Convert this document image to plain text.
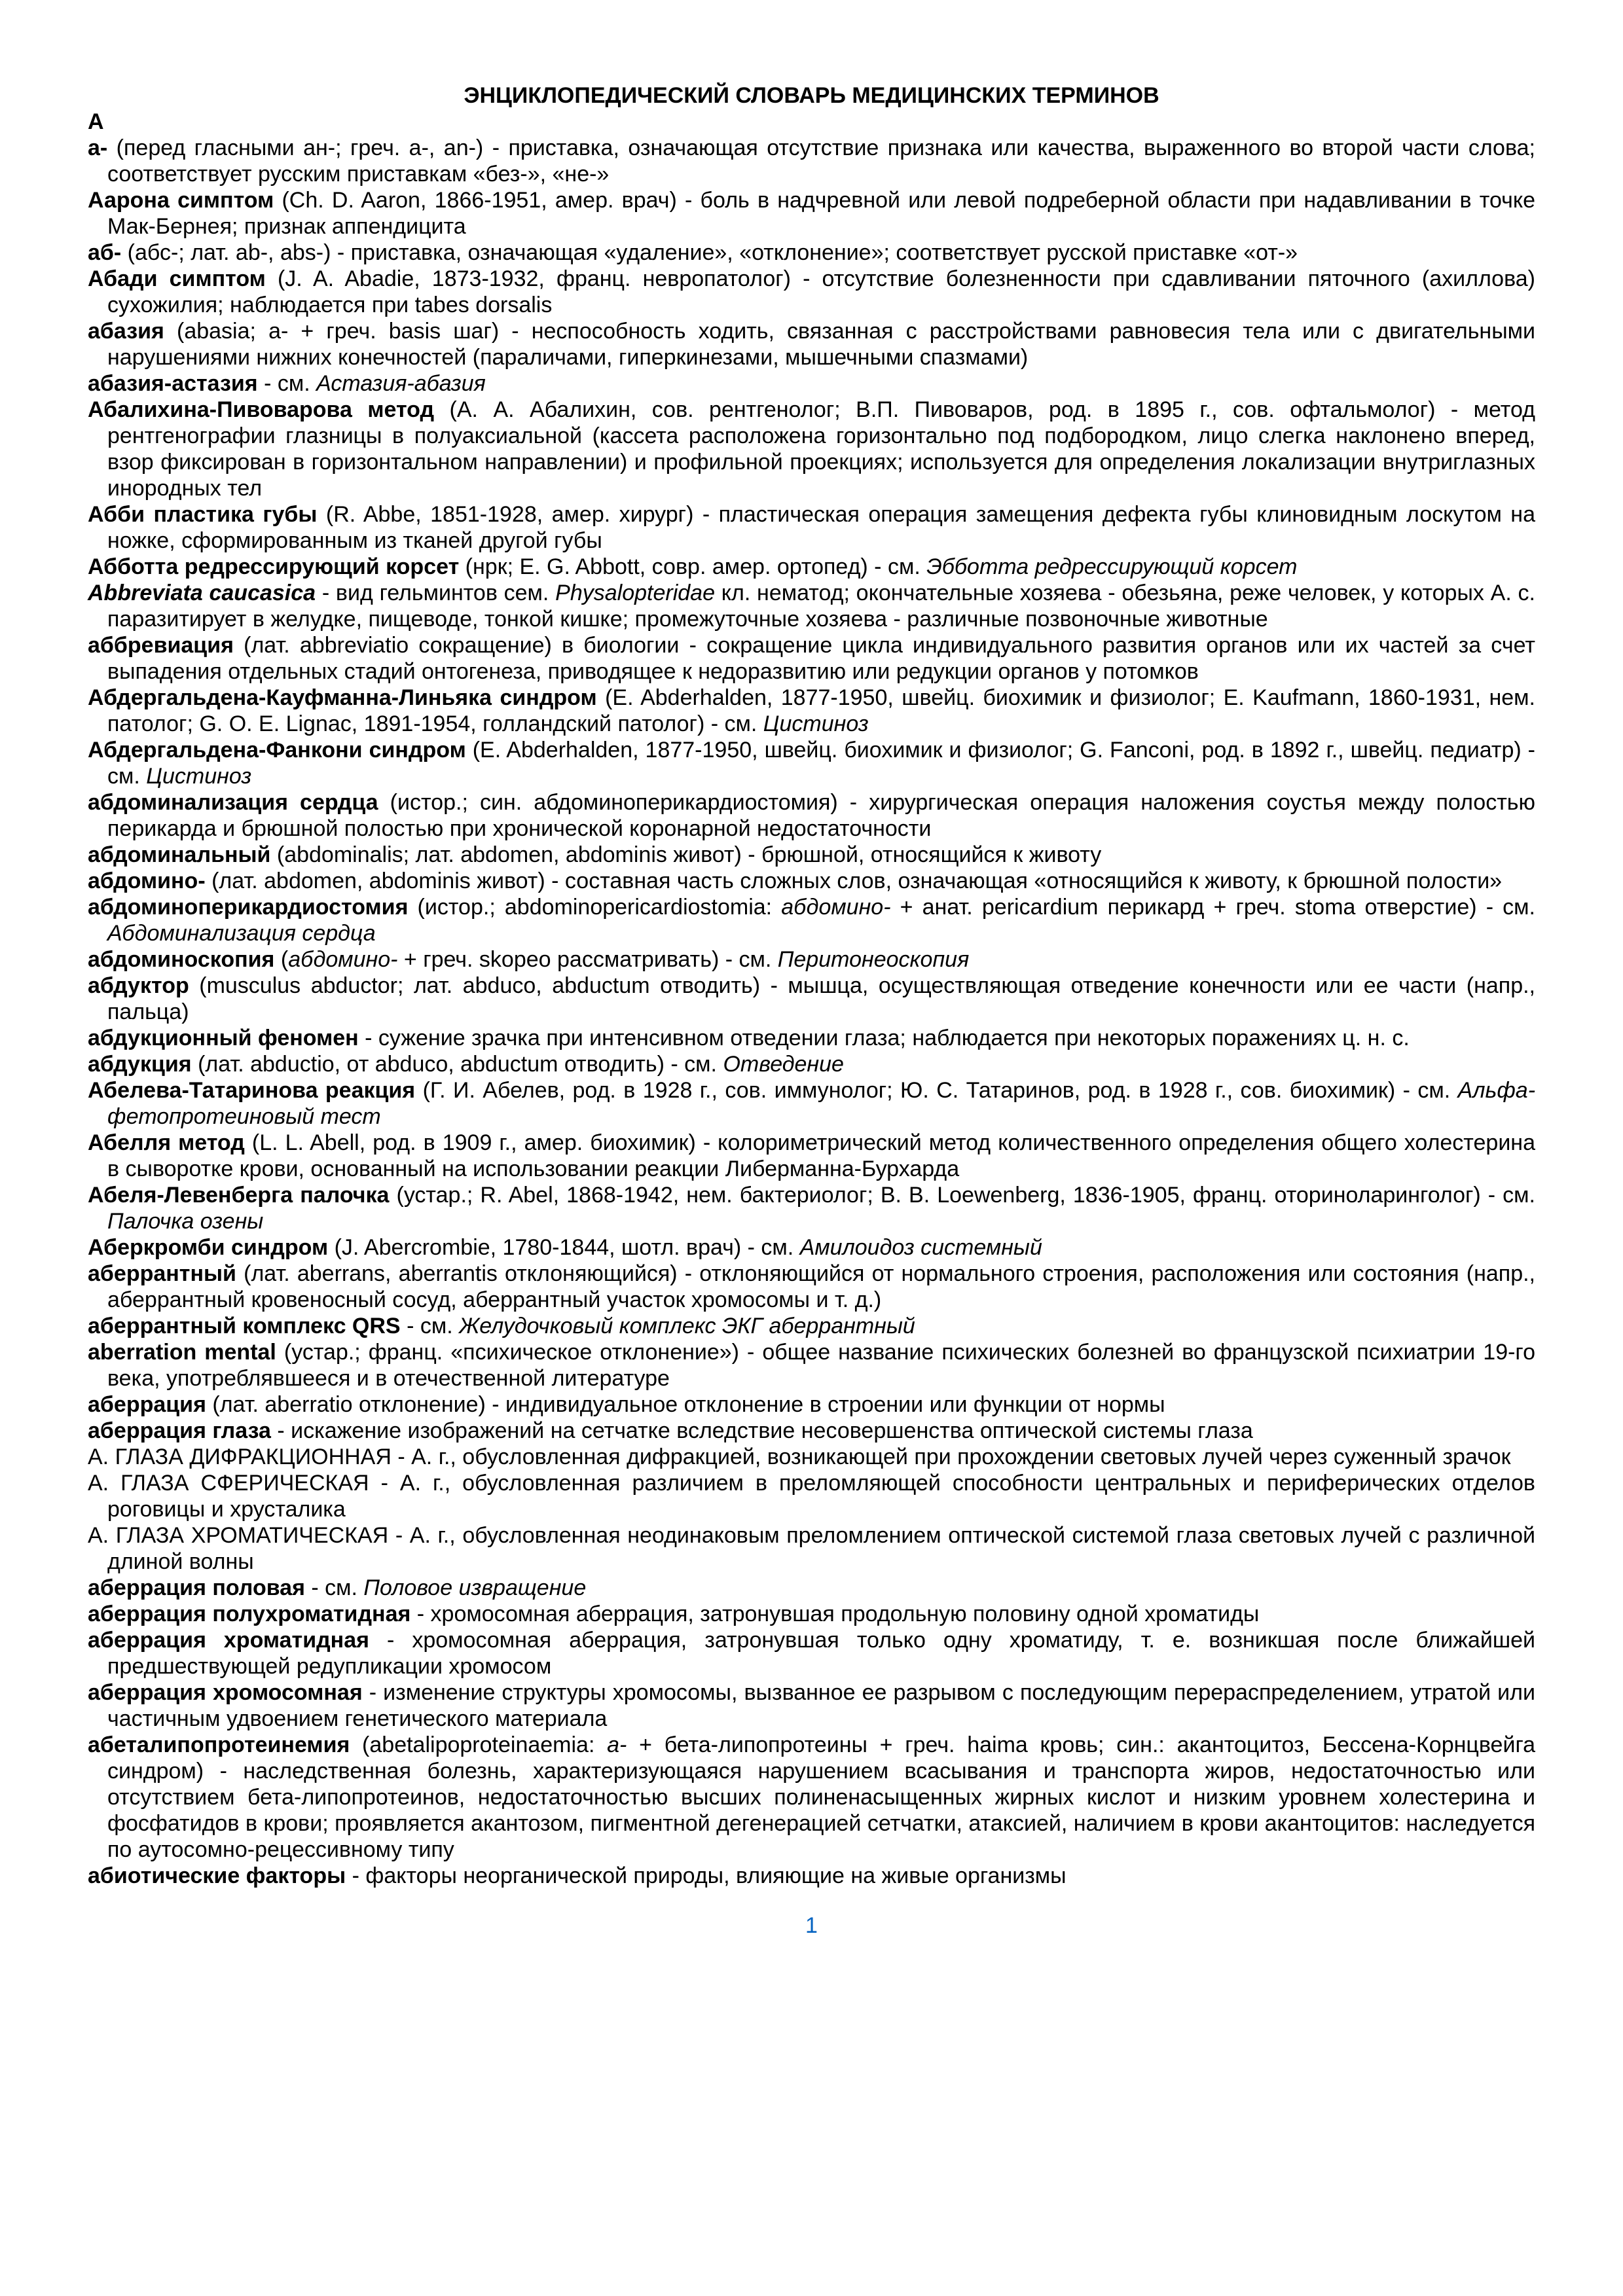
ЭНЦИКЛОПЕДИЧЕСКИЙ СЛОВАРЬ МЕДИЦИНСКИХ ТЕРМИНОВ
А

а- (перед гласными ан-; греч. а-, an-) - приставка, означающая отсутствие признака или качества, выраженного во второй части слова; соответствует русским приставкам «без-», «не-»

Аарона симптом (Ch. D. Aaron, 1866-1951, амер. врач) - боль в надчревной или левой подреберной области при надавливании в точке Мак-Бернея; признак аппендицита

аб- (абс-; лат. ab-, abs-) - приставка, означающая «удаление», «отклонение»; соответствует русской приставке «от-»

Абади симптом (J. A. Abadie, 1873-1932, франц. невропатолог) - отсутствие болезненности при сдавливании пяточного (ахиллова) сухожилия; наблюдается при tabes dorsalis

абазия (abasia; а- + греч. basis шаг) - неспособность ходить, связанная с расстройствами равновесия тела или с двигательными нарушениями нижних конечностей (параличами, гиперкинезами, мышечными спазмами)

абазия-астазия - см. Астазия-абазия

Абалихина-Пивоварова метод (А. А. Абалихин, сов. рентгенолог; В.П. Пивоваров, род. в 1895 г., сов. офтальмолог) - метод рентгенографии глазницы в полуаксиальной (кассета расположена горизонтально под подбородком, лицо слегка наклонено вперед, взор фиксирован в горизонтальном направлении) и профильной проекциях; используется для определения локализации внутриглазных инородных тел

Абби пластика губы (R. Abbe, 1851-1928, амер. хирург) - пластическая операция замещения дефекта губы клиновидным лоскутом на ножке, сформированным из тканей другой губы

Абботта редрессирующий корсет (нрк; E. G. Abbott, совр. амер. ортопед) - см. Эбботта редрессирующий корсет

Abbreviata caucasica - вид гельминтов сем. Physalopteridae кл. нематод; окончательные хозяева - обезьяна, реже человек, у которых А. с. паразитирует в желудке, пищеводе, тонкой кишке; промежуточные хозяева - различные позвоночные животные

аббревиация (лат. abbreviatio сокращение) в биологии - сокращение цикла индивидуального развития органов или их частей за счет выпадения отдельных стадий онтогенеза, приводящее к недоразвитию или редукции органов у потомков

Абдергальдена-Кауфманна-Линьяка синдром (E. Abderhalden, 1877-1950, швейц. биохимик и физиолог; E. Kaufmann, 1860-1931, нем. патолог; G. O. E. Lignac, 1891-1954, голландский патолог) - см. Цистиноз

Абдергальдена-Фанкони синдром (E. Abderhalden, 1877-1950, швейц. биохимик и физиолог; G. Fanconi, род. в 1892 г., швейц. педиатр) - см. Цистиноз

абдоминализация сердца (истор.; син. абдоминоперикардиостомия) - хирургическая операция наложения соустья между полостью перикарда и брюшной полостью при хронической коронарной недостаточности

абдоминальный (abdominalis; лат. abdomen, abdominis живот) - брюшной, относящийся к животу

абдомино- (лат. abdomen, abdominis живот) - составная часть сложных слов, означающая «относящийся к животу, к брюшной полости»

абдоминоперикардиостомия (истор.; abdominopericardiostomia: абдомино- + анат. pericardium перикард + греч. stoma отверстие) - см. Абдоминализация сердца

абдоминоскопия (абдомино- + греч. skopeo рассматривать) - см. Перитонеоскопия

абдуктор (musculus abductor; лат. abduco, abductum отводить) - мышца, осуществляющая отведение конечности или ее части (напр., пальца)

абдукционный феномен - сужение зрачка при интенсивном отведении глаза; наблюдается при некоторых поражениях ц. н. с.

абдукция (лат. abductio, от abduco, abductum отводить) - см. Отведение

Абелева-Татаринова реакция (Г. И. Абелев, род. в 1928 г., сов. иммунолог; Ю. С. Татаринов, род. в 1928 г., сов. биохимик) - см. Альфа-фетопротеиновый тест

Абелля метод (L. L. Abell, род. в 1909 г., амер. биохимик) - колориметрический метод количественного определения общего холестерина в сыворотке крови, основанный на использовании реакции Либерманна-Бурхарда

Абеля-Левенберга палочка (устар.; R. Abel, 1868-1942, нем. бактериолог; B. B. Loewenberg, 1836-1905, франц. оториноларинголог) - см. Палочка озены

Аберкромби синдром (J. Abercrombie, 1780-1844, шотл. врач) - см. Амилоидоз системный

аберрантный (лат. aberrans, aberrantis отклоняющийся) - отклоняющийся от нормального строения, расположения или состояния (напр., аберрантный кровеносный сосуд, аберрантный участок хромосомы и т. д.)

аберрантный комплекс QRS - см. Желудочковый комплекс ЭКГ аберрантный

aberration mental (устар.; франц. «психическое отклонение») - общее название психических болезней во французской психиатрии 19-го века, употреблявшееся и в отечественной литературе

аберрация (лат. aberratio отклонение) - индивидуальное отклонение в строении или функции от нормы

аберрация глаза - искажение изображений на сетчатке вследствие несовершенства оптической системы глаза

А. ГЛАЗА ДИФРАКЦИОННАЯ - А. г., обусловленная дифракцией, возникающей при прохождении световых лучей через суженный зрачок

А. ГЛАЗА СФЕРИЧЕСКАЯ - А. г., обусловленная различием в преломляющей способности центральных и периферических отделов роговицы и хрусталика

А. ГЛАЗА ХРОМАТИЧЕСКАЯ - А. г., обусловленная неодинаковым преломлением оптической системой глаза световых лучей с различной длиной волны

аберрация половая - см. Половое извращение

аберрация полухроматидная - хромосомная аберрация, затронувшая продольную половину одной хроматиды

аберрация хроматидная - хромосомная аберрация, затронувшая только одну хроматиду, т. е. возникшая после ближайшей предшествующей редупликации хромосом

аберрация хромосомная - изменение структуры хромосомы, вызванное ее разрывом с последующим перераспределением, утратой или частичным удвоением генетического материала

абеталипопротеинемия (abetalipoproteinaemia: а- + бета-липопротеины + греч. haima кровь; син.: акантоцитоз, Бессена-Корнцвейга синдром) - наследственная болезнь, характеризующаяся нарушением всасывания и транспорта жиров, недостаточностью или отсутствием бета-липопротеинов, недостаточностью высших полиненасыщенных жирных кислот и низким уровнем холестерина и фосфатидов в крови; проявляется акантозом, пигментной дегенерацией сетчатки, атаксией, наличием в крови акантоцитов: наследуется по аутосомно-рецессивному типу

абиотические факторы - факторы неорганической природы, влияющие на живые организмы

1
